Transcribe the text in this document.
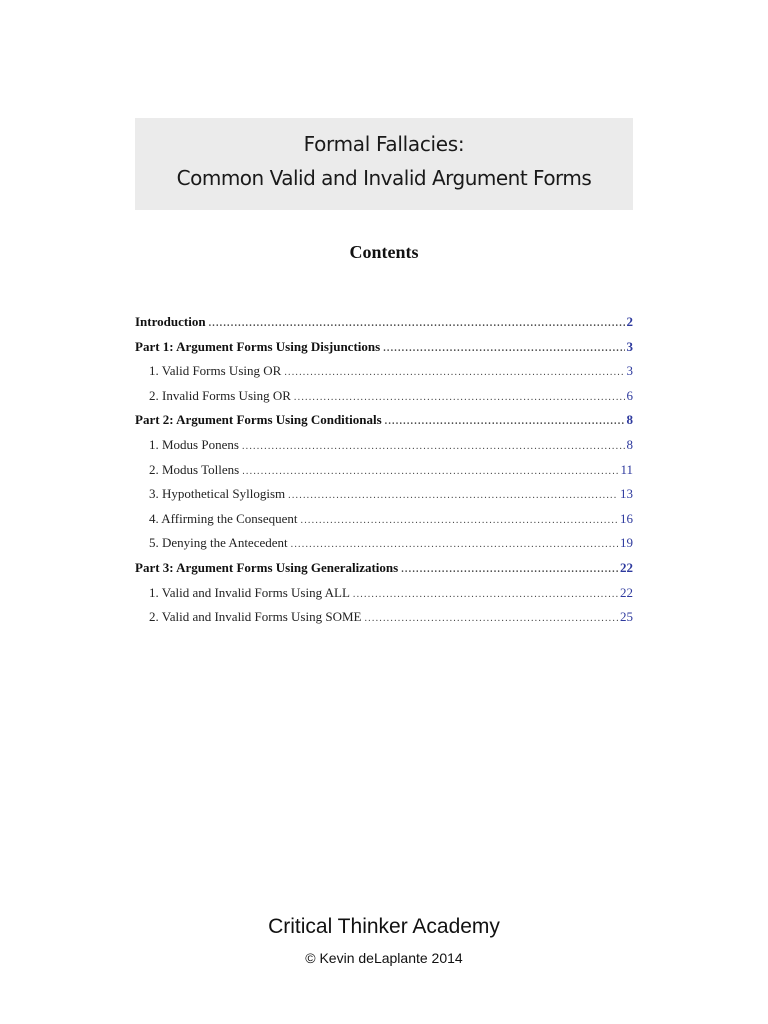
Formal Fallacies:
Common Valid and Invalid Argument Forms
Contents
Introduction .....	2
Part 1: Argument Forms Using Disjunctions .....	3
1. Valid Forms Using OR .....	3
2. Invalid Forms Using OR .....	6
Part 2: Argument Forms Using Conditionals .....	8
1. Modus Ponens .....	8
2. Modus Tollens .....	11
3. Hypothetical Syllogism .....	13
4. Affirming the Consequent .....	16
5. Denying the Antecedent .....	19
Part 3: Argument Forms Using Generalizations .....	22
1. Valid and Invalid Forms Using ALL .....	22
2. Valid and Invalid Forms Using SOME .....	25
Critical Thinker Academy
© Kevin deLaplante 2014
